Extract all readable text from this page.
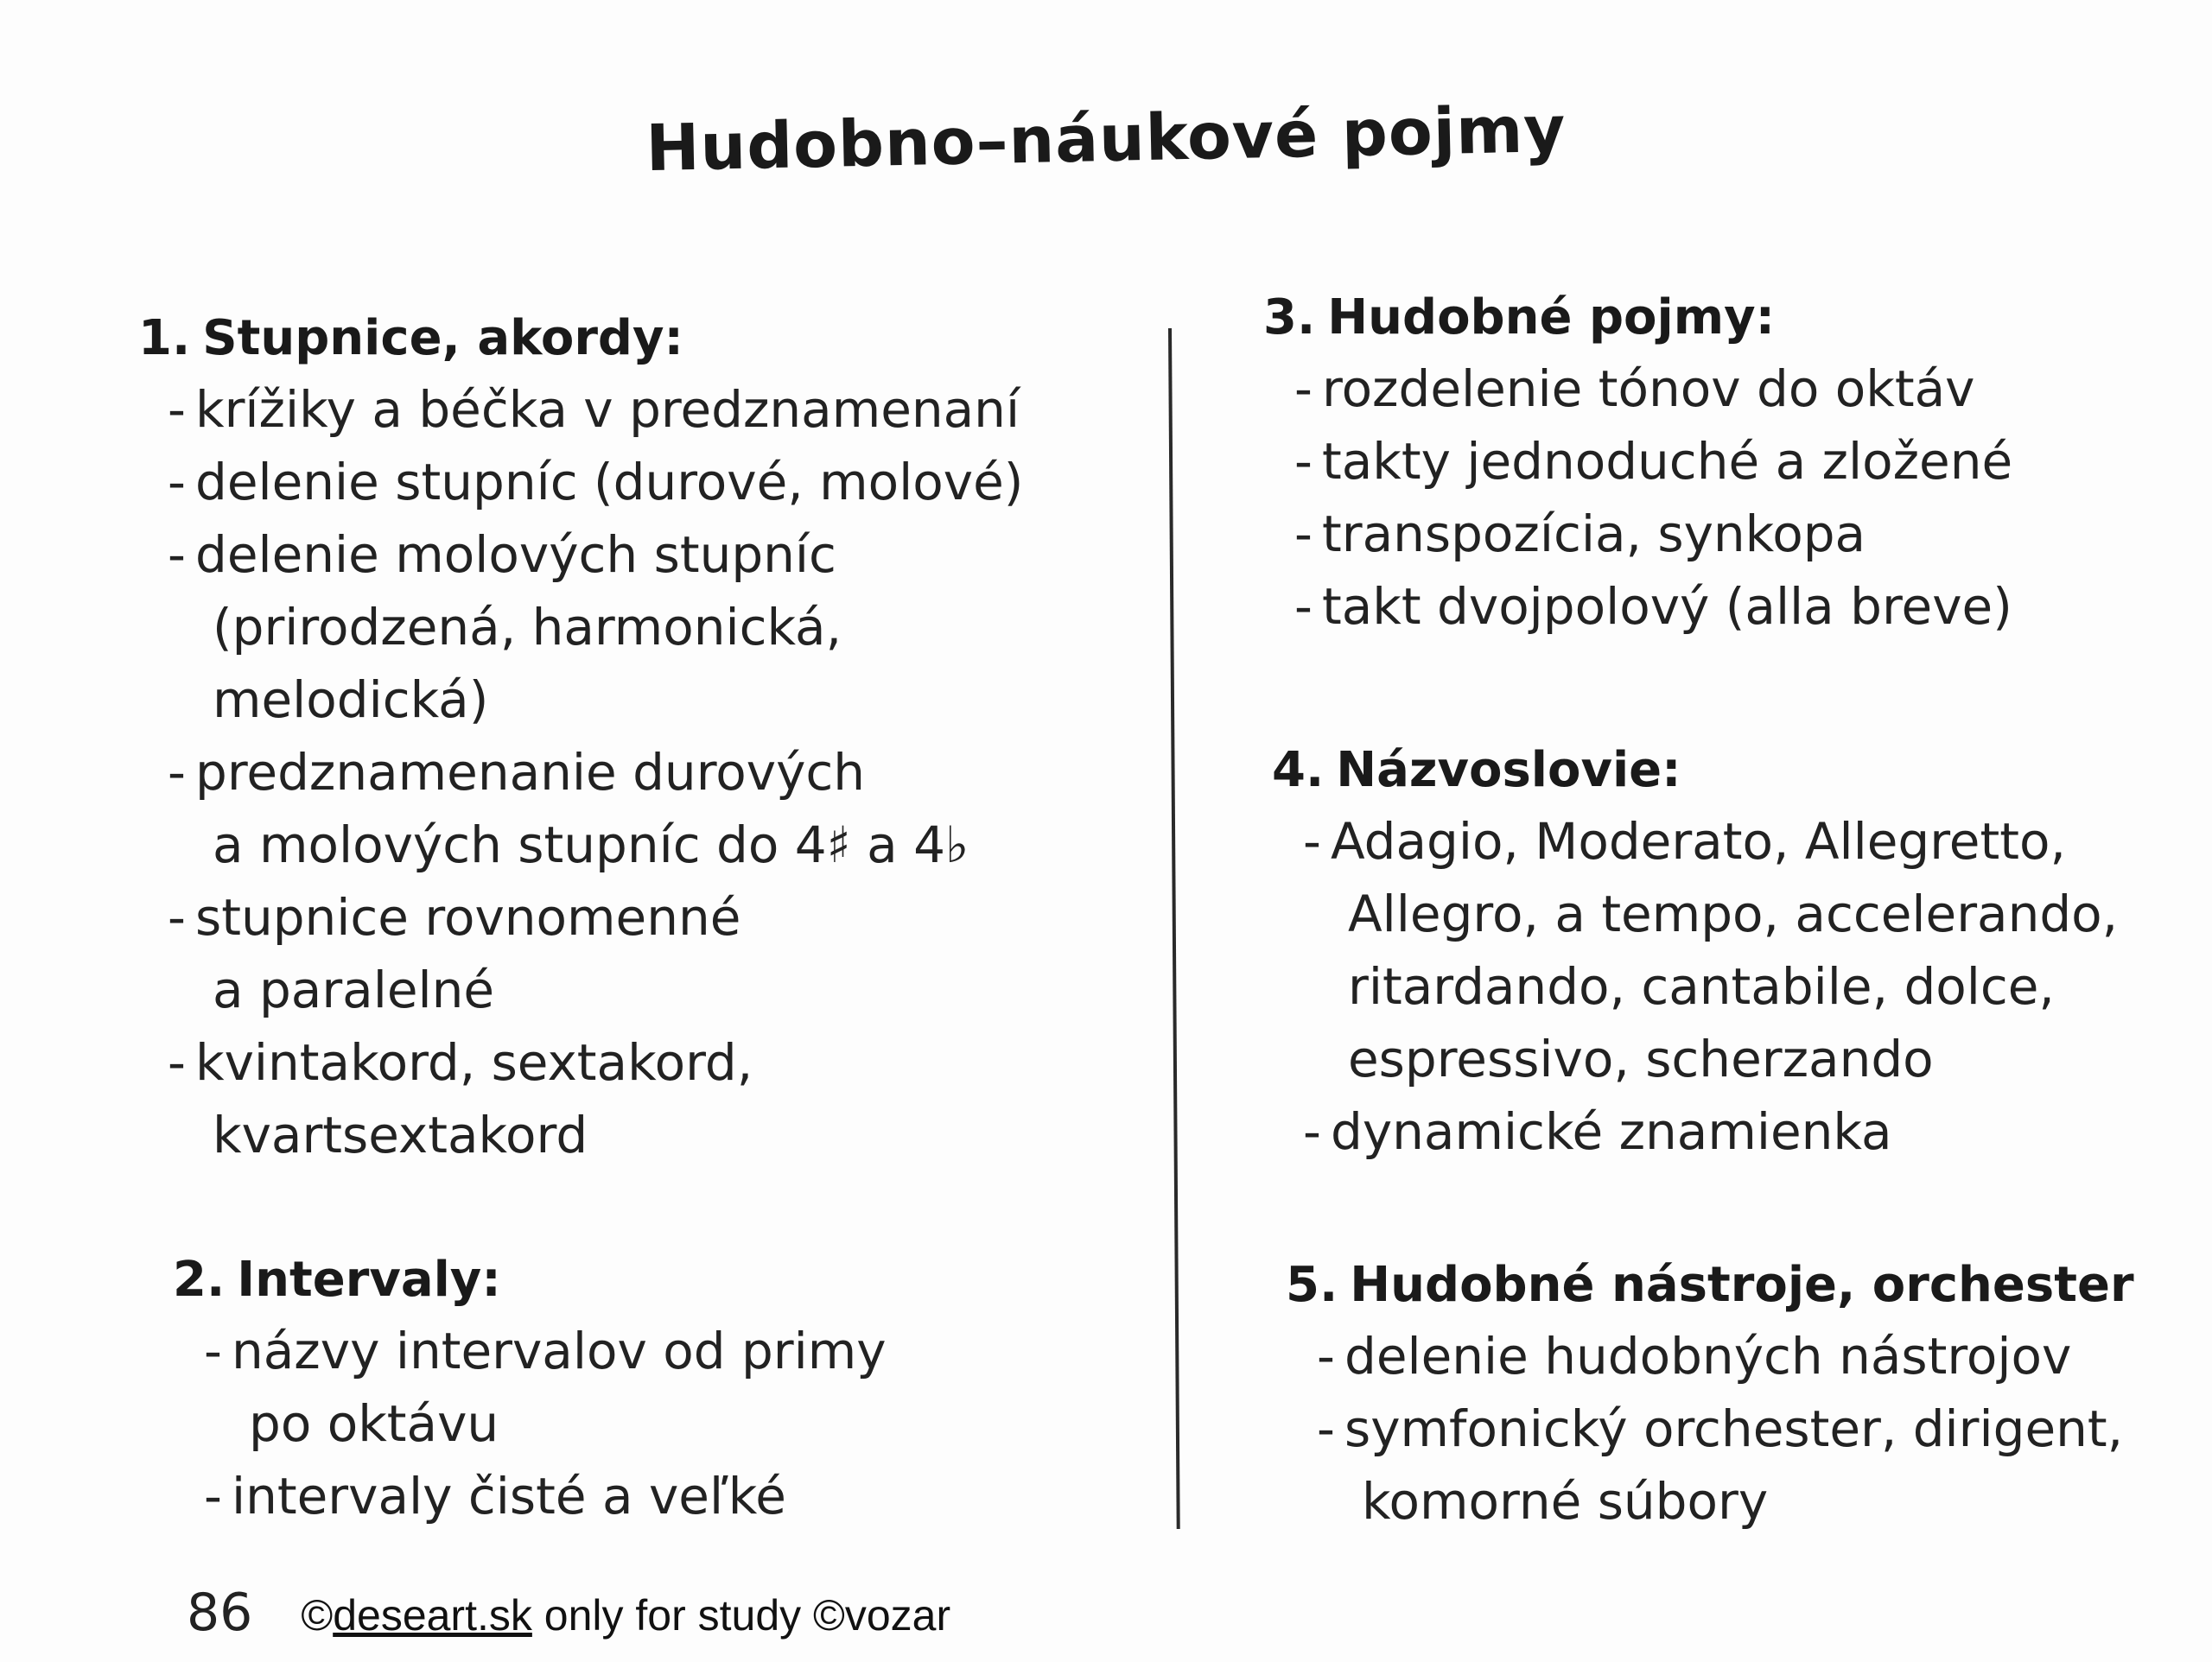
Hudobno–náukové pojmy
1. Stupnice, akordy:
- krížiky a béčka v predznamenaní
- delenie stupníc (durové, molové)
- delenie molových stupníc
(prirodzená, harmonická,
melodická)
- predznamenanie durových
a molových stupníc do 4♯ a 4♭
- stupnice rovnomenné
a paralelné
- kvintakord, sextakord,
kvartsextakord
2. Intervaly:
- názvy intervalov od primy
po oktávu
- intervaly čisté a veľké
3. Hudobné pojmy:
- rozdelenie tónov do oktáv
- takty jednoduché a zložené
- transpozícia, synkopa
- takt dvojpolový (alla breve)
4. Názvoslovie:
- Adagio, Moderato, Allegretto,
Allegro, a tempo, accelerando,
ritardando, cantabile, dolce,
espressivo, scherzando
- dynamické znamienka
5. Hudobné nástroje, orchester
- delenie hudobných nástrojov
- symfonický orchester, dirigent,
komorné súbory
86 ©deseart.sk only for study ©vozar
